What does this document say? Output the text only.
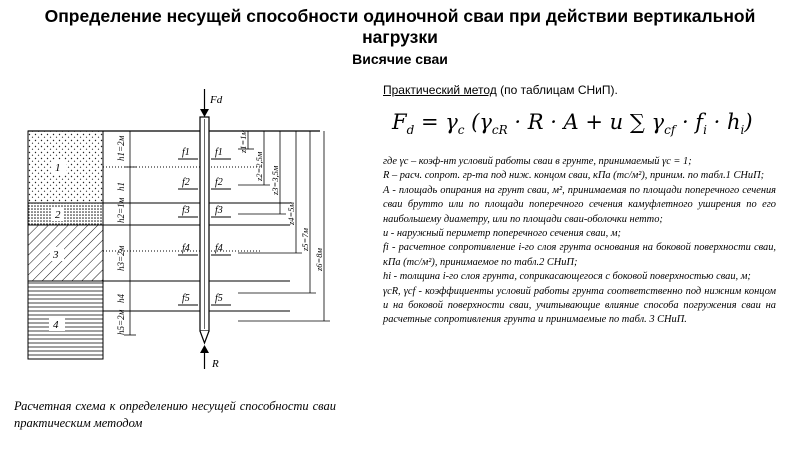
Определение несущей способности одиночной сваи при действии вертикальной нагрузки
Висячие сваи
1
2
3
4
h1=2м
h1
h2=1м
h3=2м
h4
h5=2м
Fd
R
f1	f1
f2	f2
f3	f3
f4	f4
f5	f5
z1=1м
z2=2,5м z3=3,5м
z4=5м
z5=7м
z6=8м
Расчетная схема к определению несущей способности сваи практическим методом
Практический метод (по таблицам СНиП).
$F_d = \gamma_c$ ($\gamma_{cR} \cdot R \cdot A + u$ ∑ $\gamma_{cf} \cdot f_i \cdot h_i$)

где γc – коэф-нт условий работы сваи в грунте, принимаемый γc = 1;

R – расч. сопрот. гр-та под ниж. концом сваи, кПа (тс/м²), приним. по табл.1 СНиП;

А - площадь опирания на грунт сваи, м², принимаемая по площади поперечного сечения сваи брутто или по площади поперечного сечения камуфлетного уширения по его наибольшему диаметру, или по площади сваи-оболочки нетто;

u - наружный периметр поперечного сечения сваи, м;

fi - расчетное сопротивление i-го слоя грунта основания на боковой поверхности сваи, кПа (тс/м²), принимаемое по табл.2 СНиП;

hi - толщина i-го слоя грунта, соприкасающегося с боковой поверхностью сваи, м;

γcR, γcf - коэффициенты условий работы грунта соответственно под нижним концом и на боковой поверхности сваи, учитывающие влияние способа погружения сваи на расчетные сопротивления грунта и принимаемые по табл. 3 СНиП.
